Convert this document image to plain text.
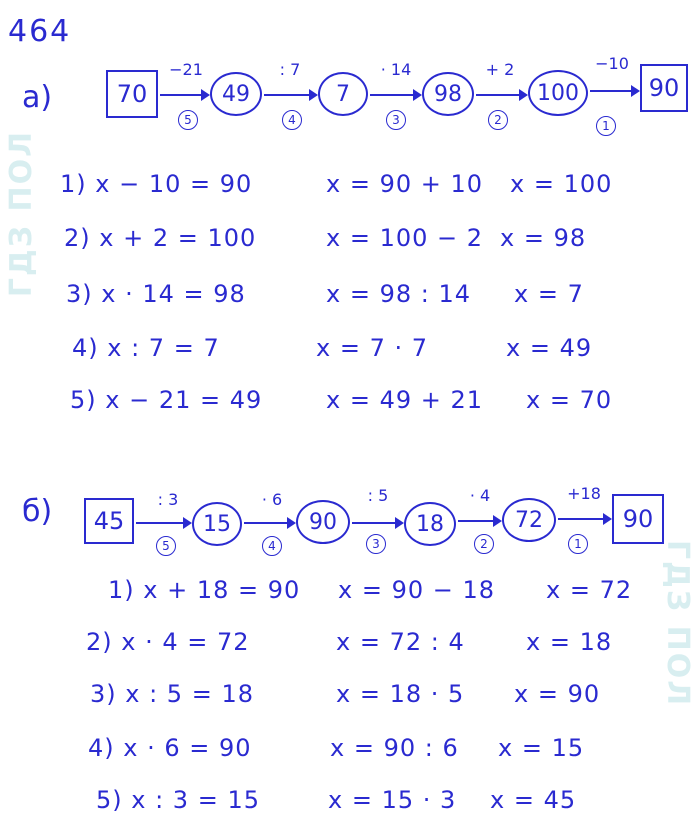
ГДЗ ПОЛ
ГДЗ ПОЛ
464
а)	70	49	7	98	100	90
−21	: 7	· 14	+ 2	−10
5	4	3	2	1
1) x − 10 = 90	x = 90 + 10 x = 100
2) x + 2 = 100	x = 100 − 2 x = 98
3) x · 14 = 98	x = 98 : 14 x = 7
4) x : 7 = 7	x = 7 · 7	x = 49
5) x − 21 = 49	x = 49 + 21 x = 70
б)	45	15	90	18	72	90
: 3	· 6	: 5	· 4	+18
5	4	3	2	1
1) x + 18 = 90 x = 90 − 18 x = 72
2) x · 4 = 72	x = 72 : 4	x = 18
3) x : 5 = 18	x = 18 · 5 x = 90
4) x · 6 = 90	x = 90 : 6 x = 15
5) x : 3 = 15	x = 15 · 3 x = 45
